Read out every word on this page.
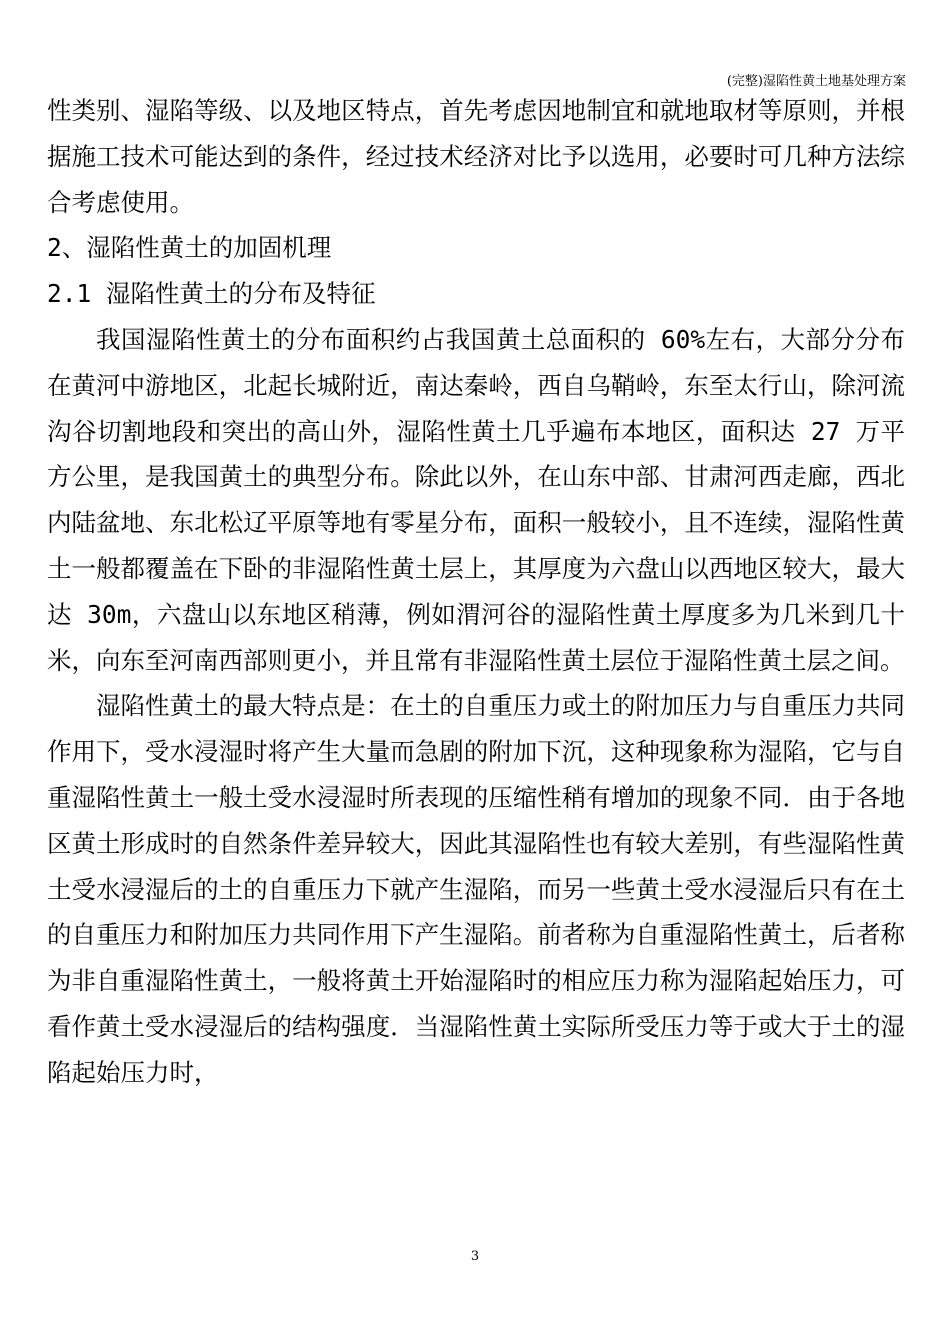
(完整)湿陷性黄土地基处理方案

性类别、湿陷等级、以及地区特点，首先考虑因地制宜和就地取材等原则，并根据施工技术可能达到的条件，经过技术经济对比予以选用，必要时可几种方法综合考虑使用。

2、湿陷性黄土的加固机理

2.1 湿陷性黄土的分布及特征

我国湿陷性黄土的分布面积约占我国黄土总面积的 60%左右，大部分分布在黄河中游地区，北起长城附近，南达秦岭，西自乌鞘岭，东至太行山，除河流沟谷切割地段和突出的高山外，湿陷性黄土几乎遍布本地区，面积达 27 万平方公里，是我国黄土的典型分布。除此以外，在山东中部、甘肃河西走廊，西北内陆盆地、东北松辽平原等地有零星分布，面积一般较小，且不连续，湿陷性黄土一般都覆盖在下卧的非湿陷性黄土层上，其厚度为六盘山以西地区较大，最大达 30m，六盘山以东地区稍薄，例如渭河谷的湿陷性黄土厚度多为几米到几十米，向东至河南西部则更小，并且常有非湿陷性黄土层位于湿陷性黄土层之间。

湿陷性黄土的最大特点是：在土的自重压力或土的附加压力与自重压力共同作用下，受水浸湿时将产生大量而急剧的附加下沉，这种现象称为湿陷，它与自重湿陷性黄土一般土受水浸湿时所表现的压缩性稍有增加的现象不同．由于各地区黄土形成时的自然条件差异较大，因此其湿陷性也有较大差别，有些湿陷性黄土受水浸湿后的土的自重压力下就产生湿陷，而另一些黄土受水浸湿后只有在土的自重压力和附加压力共同作用下产生湿陷。前者称为自重湿陷性黄土，后者称为非自重湿陷性黄土，一般将黄土开始湿陷时的相应压力称为湿陷起始压力，可看作黄土受水浸湿后的结构强度．当湿陷性黄土实际所受压力等于或大于土的湿陷起始压力时，

3
